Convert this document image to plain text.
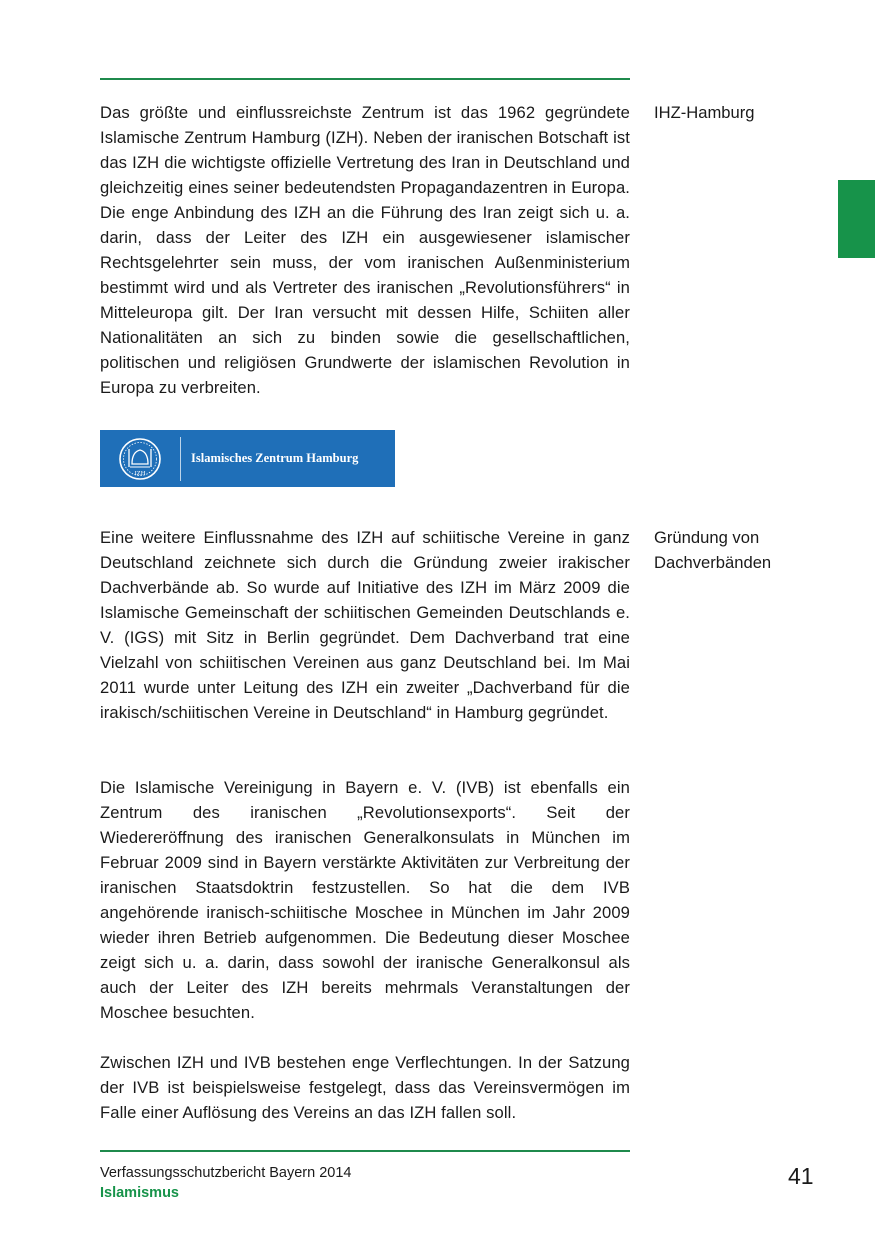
Das größte und einflussreichste Zentrum ist das 1962 gegründete Islamische Zentrum Hamburg (IZH). Neben der iranischen Botschaft ist das IZH die wichtigste offizielle Vertretung des Iran in Deutschland und gleichzeitig eines seiner bedeutendsten Propagandazentren in Europa. Die enge Anbindung des IZH an die Führung des Iran zeigt sich u. a. darin, dass der Leiter des IZH ein ausgewiesener islamischer Rechtsgelehrter sein muss, der vom iranischen Außenministerium bestimmt wird und als Vertreter des iranischen „Revolutionsführers“ in Mitteleuropa gilt. Der Iran versucht mit dessen Hilfe, Schiiten aller Nationalitäten an sich zu binden sowie die gesellschaftlichen, politischen und religiösen Grundwerte der islamischen Revolution in Europa zu verbreiten.

IHZ-Hamburg

IZH
Islamisches Zentrum Hamburg

Eine weitere Einflussnahme des IZH auf schiitische Vereine in ganz Deutschland zeichnete sich durch die Gründung zweier irakischer Dachverbände ab. So wurde auf Initiative des IZH im März 2009 die Islamische Gemeinschaft der schiitischen Gemeinden Deutschlands e. V. (IGS) mit Sitz in Berlin gegründet. Dem Dachverband trat eine Vielzahl von schiitischen Vereinen aus ganz Deutschland bei. Im Mai 2011 wurde unter Leitung des IZH ein zweiter „Dachverband für die irakisch/schiitischen Vereine in Deutschland“ in Hamburg gegründet.

Gründung von
Dachverbänden

Die Islamische Vereinigung in Bayern e. V. (IVB) ist ebenfalls ein Zentrum des iranischen „Revolutionsexports“. Seit der Wiedereröffnung des iranischen Generalkonsulats in München im Februar 2009 sind in Bayern verstärkte Aktivitäten zur Verbreitung der iranischen Staatsdoktrin festzustellen. So hat die dem IVB angehörende iranisch-schiitische Moschee in München im Jahr 2009 wieder ihren Betrieb aufgenommen. Die Bedeutung dieser Moschee zeigt sich u. a. darin, dass sowohl der iranische Generalkonsul als auch der Leiter des IZH bereits mehrmals Veranstaltungen der Moschee besuchten.

Zwischen IZH und IVB bestehen enge Verflechtungen. In der Satzung der IVB ist beispielsweise festgelegt, dass das Vereinsvermögen im Falle einer Auflösung des Vereins an das IZH fallen soll.

Verfassungsschutzbericht Bayern 2014

Islamismus

41
